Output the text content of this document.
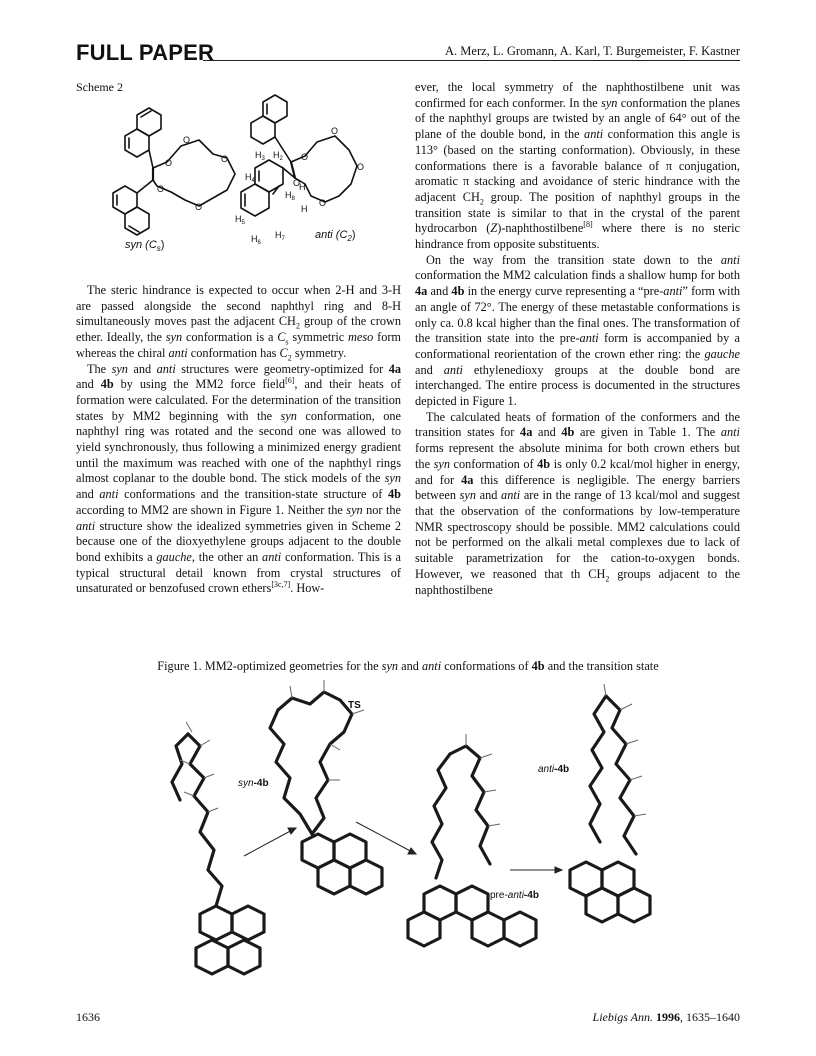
FULL PAPER	A. Merz, L. Gromann, A. Karl, T. Burgemeister, F. Kastner
Scheme 2
O
O
O
O
O
O
O
O
O
O
$H_3$ $H_2$
$H_4$
$H_8$
H
H
$H_5$
$H_6$
$H_7$
syn $(C_s)$
anti $(C_2)$

The steric hindrance is expected to occur when 2-H and 3-H are passed alongside the second naphthyl ring and 8-H simultaneously moves past the adjacent $CH_2$ group of the crown ether. Ideally, the syn conformation is a $C_s$ symmetric meso form whereas the chiral anti conformation has $C_2$ symmetry.

The syn and anti structures were geometry-optimized for 4a and 4b by using the MM2 force field[6], and their heats of formation were calculated. For the determination of the transition states by MM2 beginning with the syn conformation, one naphthyl ring was rotated and the second one was allowed to yield synchronously, thus following a minimized energy gradient until the maximum was reached with one of the naphthyl rings almost coplanar to the double bond. The stick models of the syn and anti conformations and the transition-state structure of 4b according to MM2 are shown in Figure 1. Neither the syn nor the anti structure show the idealized symmetries given in Scheme 2 because one of the dioxyethylene groups adjacent to the double bond exhibits a gauche, the other an anti conformation. This is a typical structural detail known from crystal structures of unsaturated or benzofused crown ethers[3c,7]. How-

ever, the local symmetry of the naphthostilbene unit was confirmed for each conformer. In the syn conformation the planes of the naphthyl groups are twisted by an angle of 64° out of the plane of the double bond, in the anti conformation this angle is 113° (based on the starting conformation). Obviously, in these conformations there is a favorable balance of π conjugation, aromatic π stacking and avoidance of steric hindrance with the adjacent $CH_2$ group. The position of naphthyl groups in the transition state is similar to that in the crystal of the parent hydrocarbon (Z)-naphthostilbene[8] where there is no steric hindrance from opposite substituents.

On the way from the transition state down to the anti conformation the MM2 calculation finds a shallow hump for both 4a and 4b in the energy curve representing a “pre-anti” form with an angle of 72°. The energy of these metastable conformations is only ca. 0.8 kcal higher than the final ones. The transformation of the transition state into the pre-anti form is accompanied by a conformational reorientation of the crown ether ring: the gauche and anti ethylenedioxy groups at the double bond are interchanged. The entire process is documented in the structures depicted in Figure 1.

The calculated heats of formation of the conformers and the transition states for 4a and 4b are given in Table 1. The anti forms represent the absolute minima for both crown ethers but the syn conformation of 4b is only 0.2 kcal/mol higher in energy, and for 4a this difference is negligible. The energy barriers between syn and anti are in the range of 13 kcal/mol and suggest that the observation of the conformations by low-temperature NMR spectroscopy should be possible. MM2 calculations could not be performed on the alkali metal complexes due to lack of suitable parametrization for the cation-to-oxygen bonds. However, we reasoned that th $CH_2$ groups adjacent to the naphthostilbene

Figure 1. MM2-optimized geometries for the syn and anti conformations of 4b and the transition state
TS
syn-4b
anti-4b
pre-anti-4b
1636	Liebigs Ann. 1996, 1635–1640
